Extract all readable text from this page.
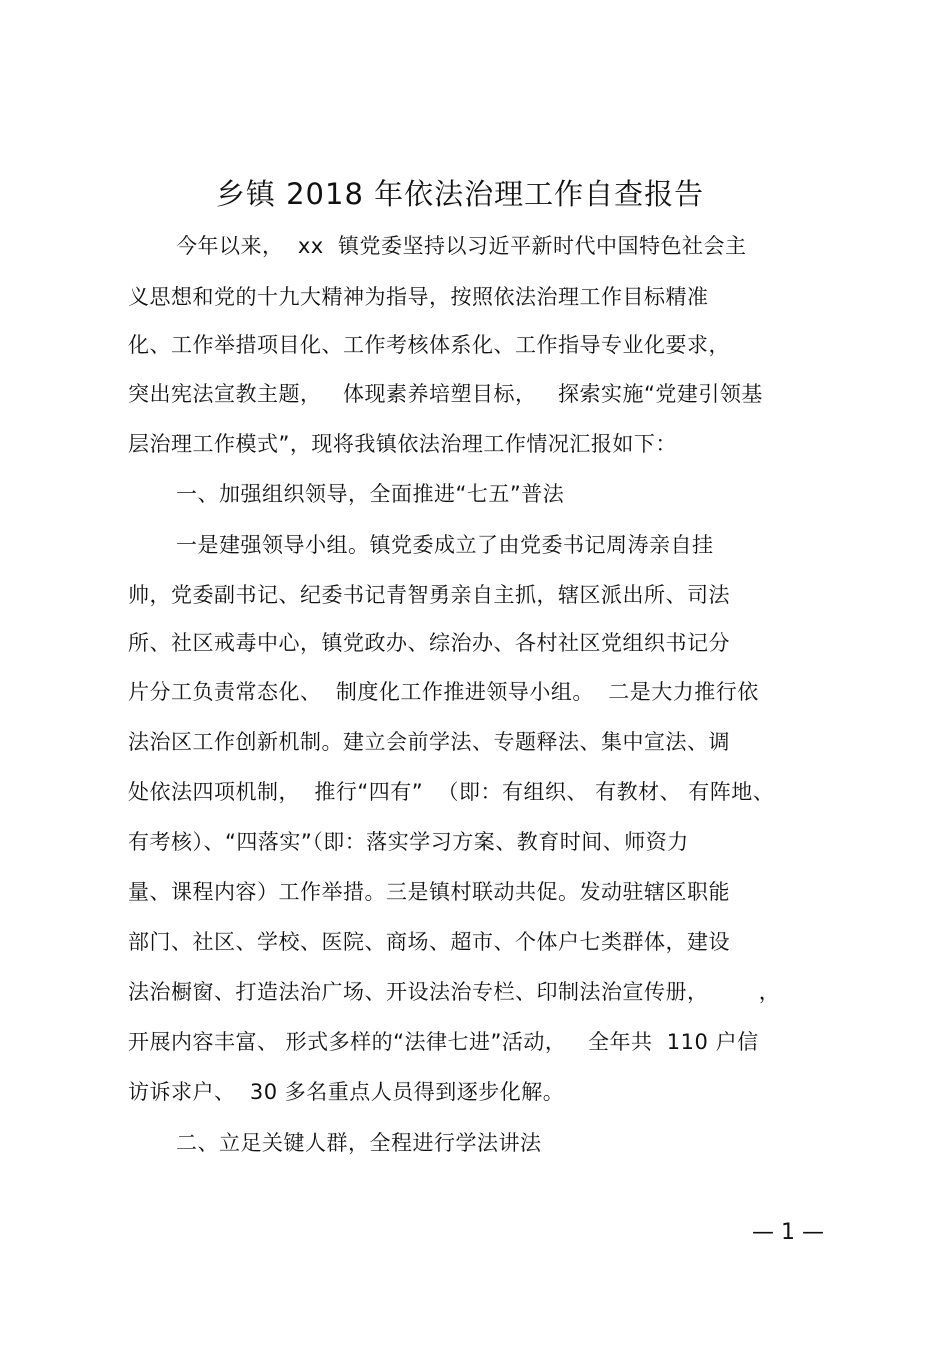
乡镇 2018 年依法治理工作自查报告
今年以来，  xx  镇党委坚持以习近平新时代中国特色社会主
义思想和党的十九大精神为指导，按照依法治理工作目标精准
化、工作举措项目化、工作考核体系化、工作指导专业化要求，
突出宪法宣教主题，   体现素养培塑目标，   探索实施“党建引领基
层治理工作模式”，现将我镇依法治理工作情况汇报如下：
一、加强组织领导，全面推进“七五”普法
一是建强领导小组。镇党委成立了由党委书记周涛亲自挂
帅，党委副书记、纪委书记青智勇亲自主抓，辖区派出所、司法
所、社区戒毒中心，镇党政办、综治办、各村社区党组织书记分
片分工负责常态化、  制度化工作推进领导小组。  二是大力推行依
法治区工作创新机制。建立会前学法、专题释法、集中宣法、调
处依法四项机制，  推行“四有”  （即：有组织、 有教材、 有阵地、
有考核）、“四落实”（即：落实学习方案、教育时间、师资力
量、课程内容）工作举措。三是镇村联动共促。发动驻辖区职能
部门、社区、学校、医院、商场、超市、个体户七类群体，建设
法治橱窗、打造法治广场、开设法治专栏、印制法治宣传册，       ，
开展内容丰富、 形式多样的“法律七进”活动，   全年共  110 户信
访诉求户、  30 多名重点人员得到逐步化解。
二、立足关键人群，全程进行学法讲法
— 1 —
